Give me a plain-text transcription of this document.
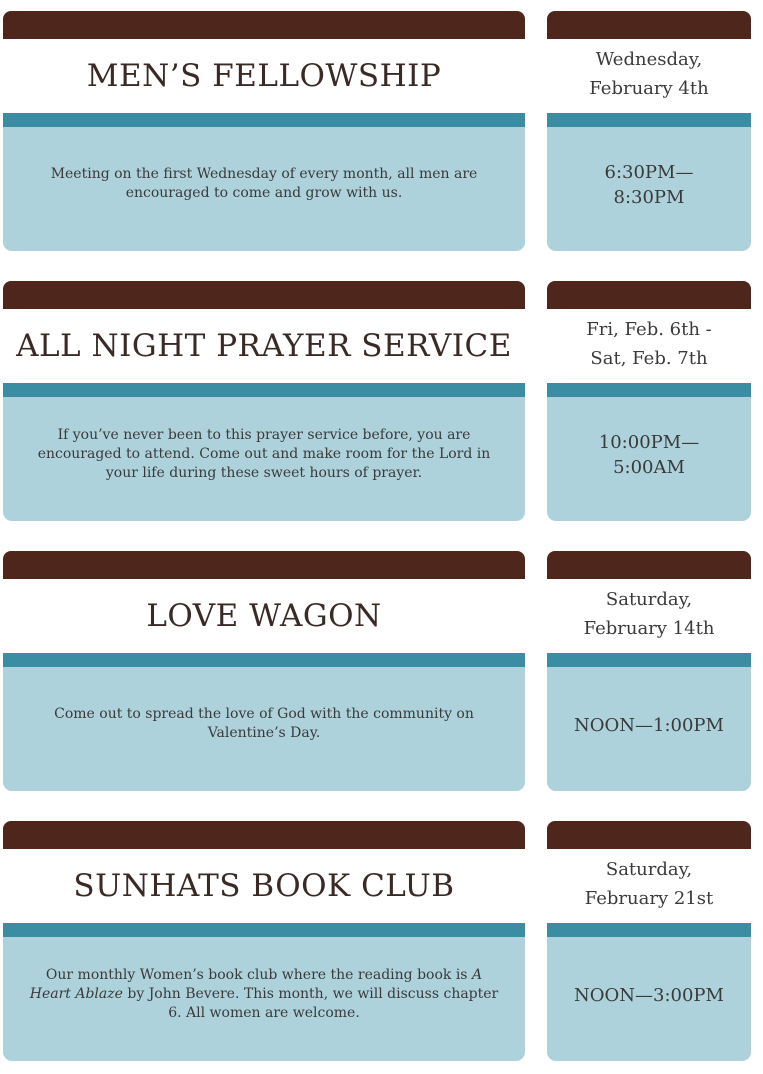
MEN’S FELLOWSHIP
Meeting on the first Wednesday of every month, all men are encouraged to come and grow with us.
Wednesday,
February 4th
6:30PM—
8:30PM
ALL NIGHT PRAYER SERVICE
If you’ve never been to this prayer service before, you are encouraged to attend. Come out and make room for the Lord in your life during these sweet hours of prayer.
Fri, Feb. 6th -
Sat, Feb. 7th
10:00PM—
5:00AM
LOVE WAGON
Come out to spread the love of God with the community on Valentine’s Day.
Saturday,
February 14th
NOON—1:00PM
SUNHATS BOOK CLUB
Our monthly Women’s book club where the reading book is A Heart Ablaze by John Bevere. This month, we will discuss chapter 6. All women are welcome.
Saturday,
February 21st
NOON—3:00PM
